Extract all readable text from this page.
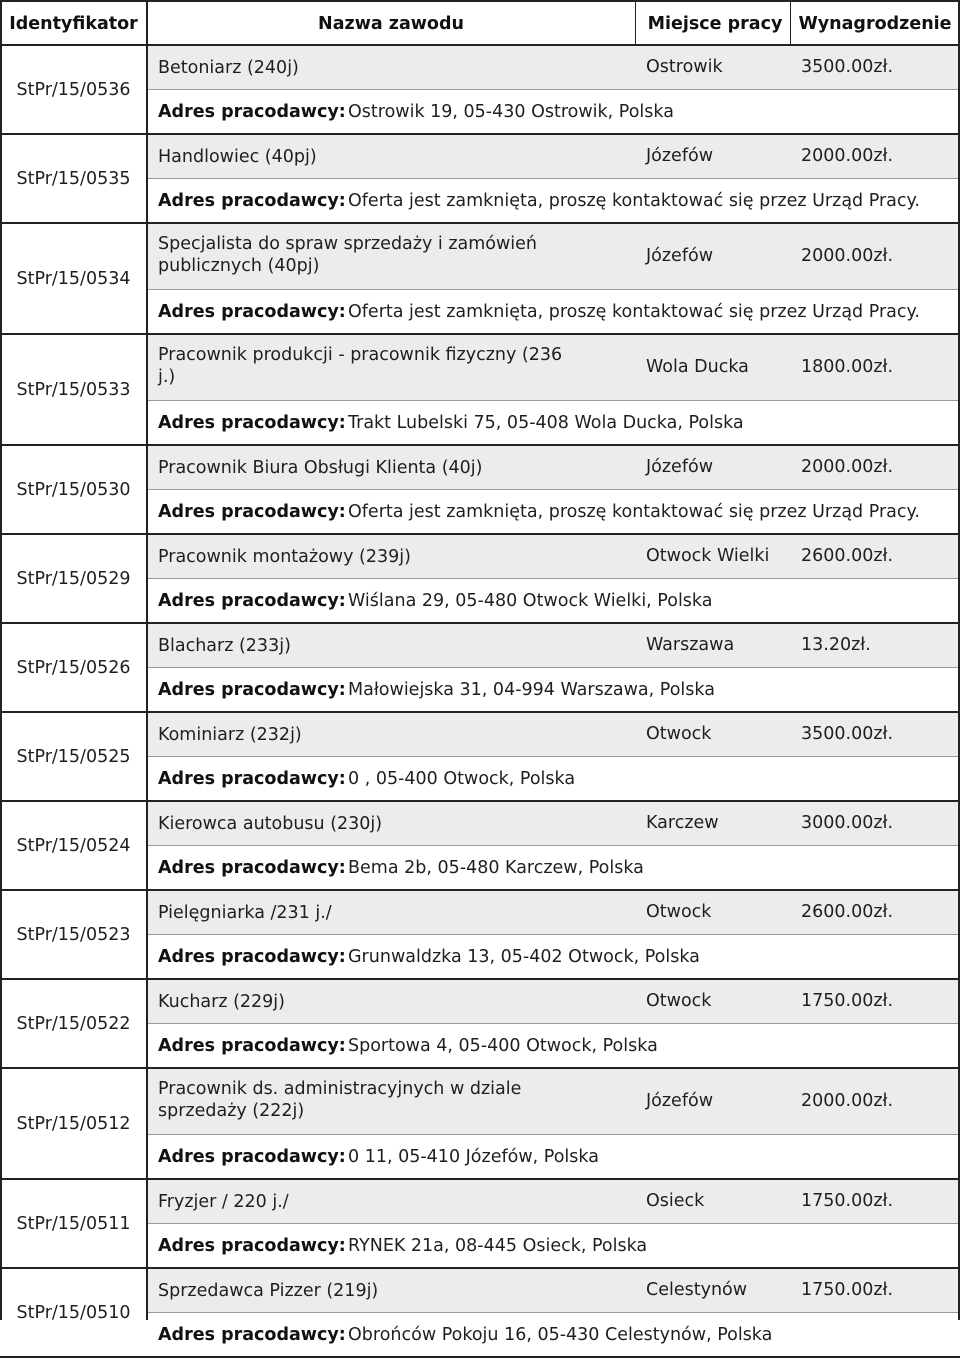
Identyfikator	Nazwa zawodu	Miejsce pracy Wynagrodzenie
StPr/15/0536
Betoniarz (240j)	Ostrowik	3500.00zł.
Adres pracodawcy: Ostrowik 19, 05-430 Ostrowik, Polska
StPr/15/0535
Handlowiec (40pj)	Józefów	2000.00zł.
Adres pracodawcy: Oferta jest zamknięta, proszę kontaktować się przez Urząd Pracy.
StPr/15/0534
Specjalista do spraw sprzedaży i zamówień publicznych (40pj)	Józefów	2000.00zł.
Adres pracodawcy: Oferta jest zamknięta, proszę kontaktować się przez Urząd Pracy.
StPr/15/0533
Pracownik produkcji - pracownik fizyczny (236 j.)	Wola Ducka	1800.00zł.
Adres pracodawcy: Trakt Lubelski 75, 05-408 Wola Ducka, Polska
StPr/15/0530
Pracownik Biura Obsługi Klienta (40j)	Józefów	2000.00zł.
Adres pracodawcy: Oferta jest zamknięta, proszę kontaktować się przez Urząd Pracy.
StPr/15/0529
Pracownik montażowy (239j)	Otwock Wielki 2600.00zł.
Adres pracodawcy: Wiślana 29, 05-480 Otwock Wielki, Polska
StPr/15/0526
Blacharz (233j)	Warszawa	13.20zł.
Adres pracodawcy: Małowiejska 31, 04-994 Warszawa, Polska
StPr/15/0525
Kominiarz (232j)	Otwock	3500.00zł.
Adres pracodawcy: 0 , 05-400 Otwock, Polska
StPr/15/0524
Kierowca autobusu (230j)	Karczew	3000.00zł.
Adres pracodawcy: Bema 2b, 05-480 Karczew, Polska
StPr/15/0523
Pielęgniarka /231 j./	Otwock	2600.00zł.
Adres pracodawcy: Grunwaldzka 13, 05-402 Otwock, Polska
StPr/15/0522
Kucharz (229j)	Otwock	1750.00zł.
Adres pracodawcy: Sportowa 4, 05-400 Otwock, Polska
StPr/15/0512
Pracownik ds. administracyjnych w dziale sprzedaży (222j)	Józefów	2000.00zł.
Adres pracodawcy: 0 11, 05-410 Józefów, Polska
StPr/15/0511
Fryzjer / 220 j./	Osieck	1750.00zł.
Adres pracodawcy: RYNEK 21a, 08-445 Osieck, Polska
StPr/15/0510
Sprzedawca Pizzer (219j)	Celestynów	1750.00zł.
Adres pracodawcy: Obrońców Pokoju 16, 05-430 Celestynów, Polska
